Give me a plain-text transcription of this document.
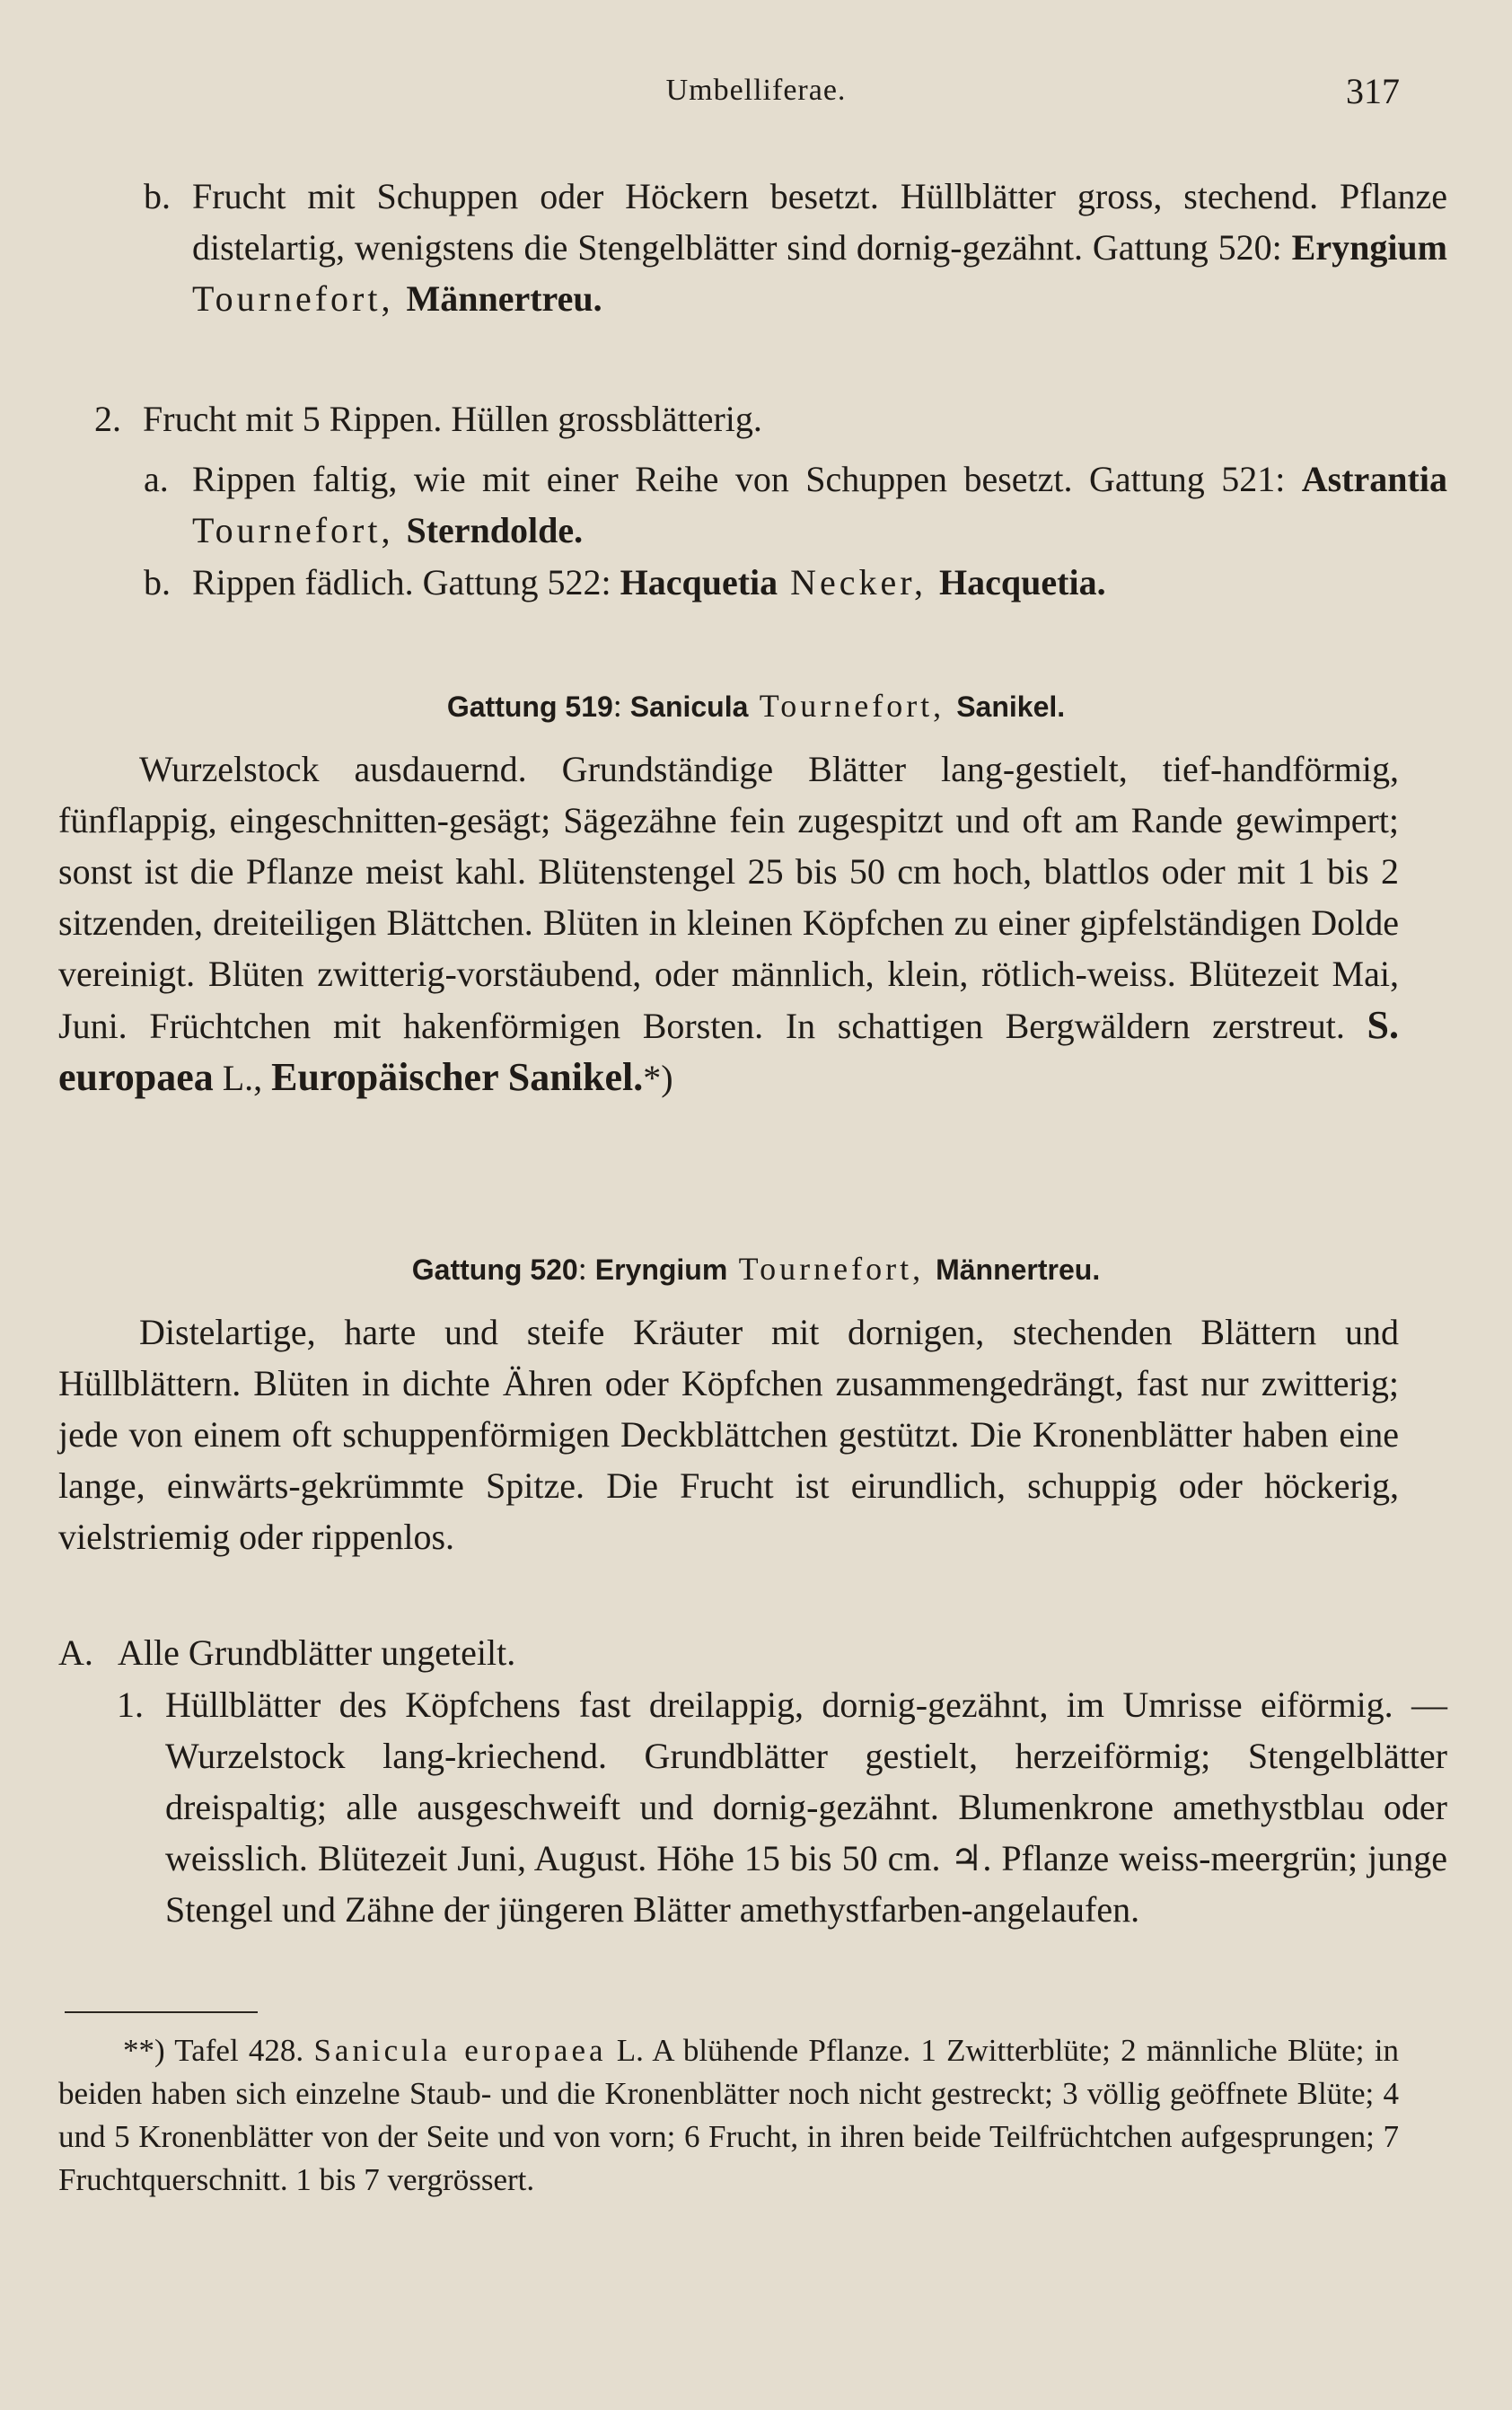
Umbelliferae.	317
b. Frucht mit Schuppen oder Höckern besetzt. Hüllblätter gross, stechend. Pflanze distelartig, wenigstens die Stengelblätter sind dornig-gezähnt. Gattung 520: Eryngium Tournefort, Männertreu.
2. Frucht mit 5 Rippen. Hüllen grossblätterig.
a. Rippen faltig, wie mit einer Reihe von Schuppen besetzt. Gattung 521: Astrantia Tournefort, Sterndolde.
b. Rippen fädlich. Gattung 522: Hacquetia Necker, Hacquetia.
Gattung 519: Sanicula Tournefort, Sanikel.
Wurzelstock ausdauernd. Grundständige Blätter lang-gestielt, tief-handförmig, fünflappig, eingeschnitten-gesägt; Sägezähne fein zugespitzt und oft am Rande gewimpert; sonst ist die Pflanze meist kahl. Blütenstengel 25 bis 50 cm hoch, blattlos oder mit 1 bis 2 sitzenden, dreiteiligen Blättchen. Blüten in kleinen Köpfchen zu einer gipfelständigen Dolde vereinigt. Blüten zwitterig-vorstäubend, oder männlich, klein, rötlich-weiss. Blütezeit Mai, Juni. Früchtchen mit hakenförmigen Borsten. In schattigen Bergwäldern zerstreut. S. europaea L., Europäischer Sanikel.*)
Gattung 520: Eryngium Tournefort, Männertreu.
Distelartige, harte und steife Kräuter mit dornigen, stechenden Blättern und Hüllblättern. Blüten in dichte Ähren oder Köpfchen zusammengedrängt, fast nur zwitterig; jede von einem oft schuppenförmigen Deckblättchen gestützt. Die Kronenblätter haben eine lange, einwärts-gekrümmte Spitze. Die Frucht ist eirundlich, schuppig oder höckerig, vielstriemig oder rippenlos.
A. Alle Grundblätter ungeteilt.
1. Hüllblätter des Köpfchens fast dreilappig, dornig-gezähnt, im Umrisse eiförmig. — Wurzelstock lang-kriechend. Grundblätter gestielt, herzeiförmig; Stengelblätter dreispaltig; alle ausgeschweift und dornig-gezähnt. Blumenkrone amethystblau oder weisslich. Blütezeit Juni, August. Höhe 15 bis 50 cm. ♃. Pflanze weiss-meergrün; junge Stengel und Zähne der jüngeren Blätter amethystfarben-angelaufen.
**) Tafel 428. Sanicula europaea L. A blühende Pflanze. 1 Zwitterblüte; 2 männliche Blüte; in beiden haben sich einzelne Staub- und die Kronenblätter noch nicht gestreckt; 3 völlig geöffnete Blüte; 4 und 5 Kronenblätter von der Seite und von vorn; 6 Frucht, in ihren beide Teilfrüchtchen aufgesprungen; 7 Fruchtquerschnitt. 1 bis 7 vergrössert.
